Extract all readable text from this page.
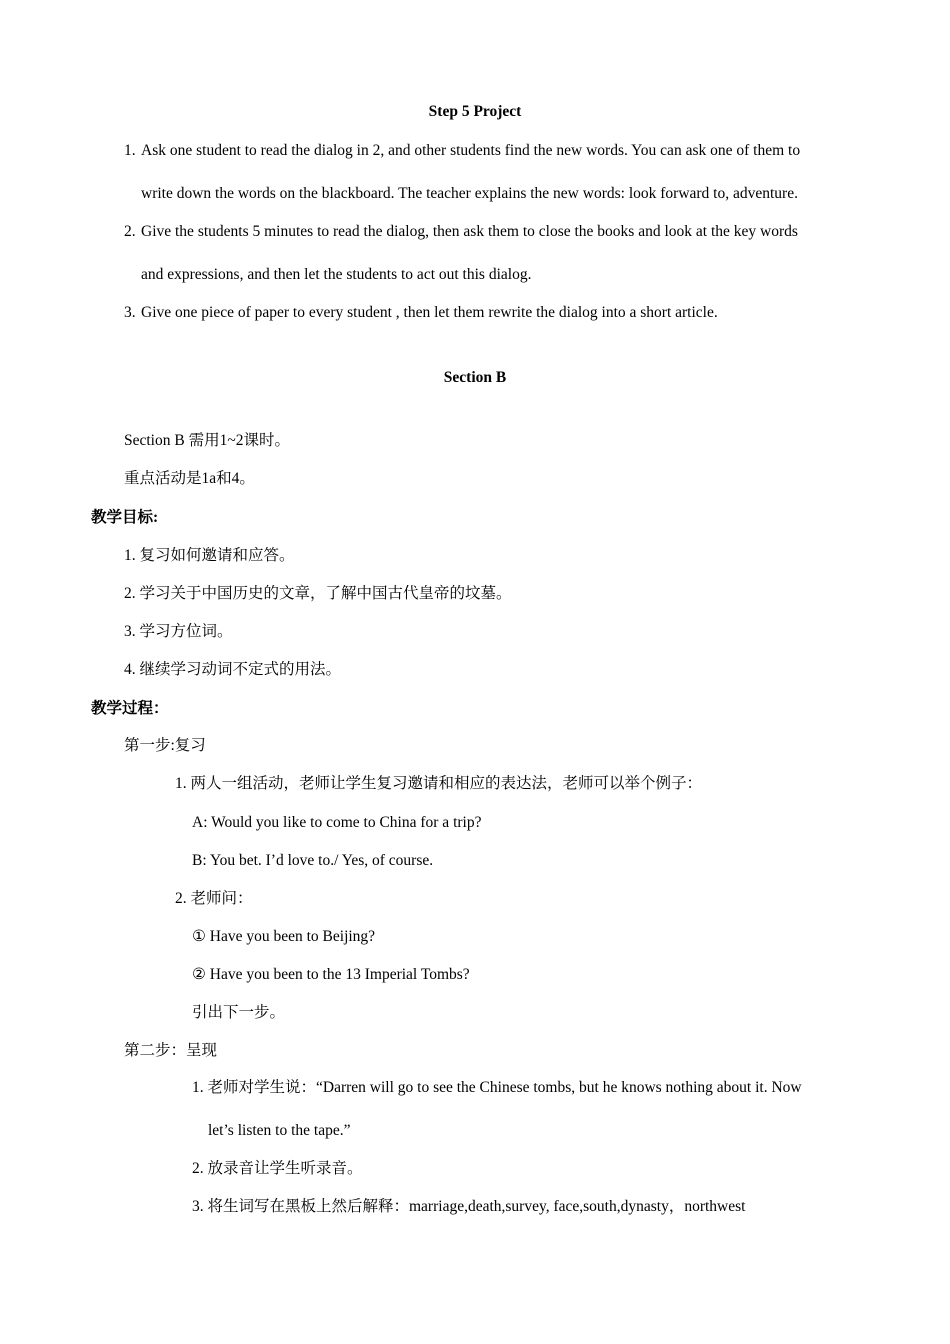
Step 5 Project
1. Ask one student to read the dialog in 2, and other students find the new words. You can ask one of them to
write down the words on the blackboard. The teacher explains the new words: look forward to, adventure.
2. Give the students 5 minutes to read the dialog, then ask them to close the books and look at the key words
and expressions, and then let the students to act out this dialog.
3. Give one piece of paper to every student , then let them rewrite the dialog into a short article.
Section B
Section B 需用1~2课时。
重点活动是1a和4。
教学目标:
1. 复习如何邀请和应答。
2. 学习关于中国历史的文章，了解中国古代皇帝的坟墓。
3. 学习方位词。
4. 继续学习动词不定式的用法。
教学过程：
第一步:复习
1. 两人一组活动，老师让学生复习邀请和相应的表达法，老师可以举个例子：
A: Would you like to come to China for a trip?
B: You bet. I’d love to./ Yes, of course.
2. 老师问：
① Have you been to Beijing?
② Have you been to the 13 Imperial Tombs?
引出下一步。
第二步：呈现
1. 老师对学生说：“Darren will go to see the Chinese tombs, but he knows nothing about it. Now
let’s listen to the tape.”
2. 放录音让学生听录音。
3. 将生词写在黑板上然后解释：marriage,death,survey, face,south,dynasty，northwest
